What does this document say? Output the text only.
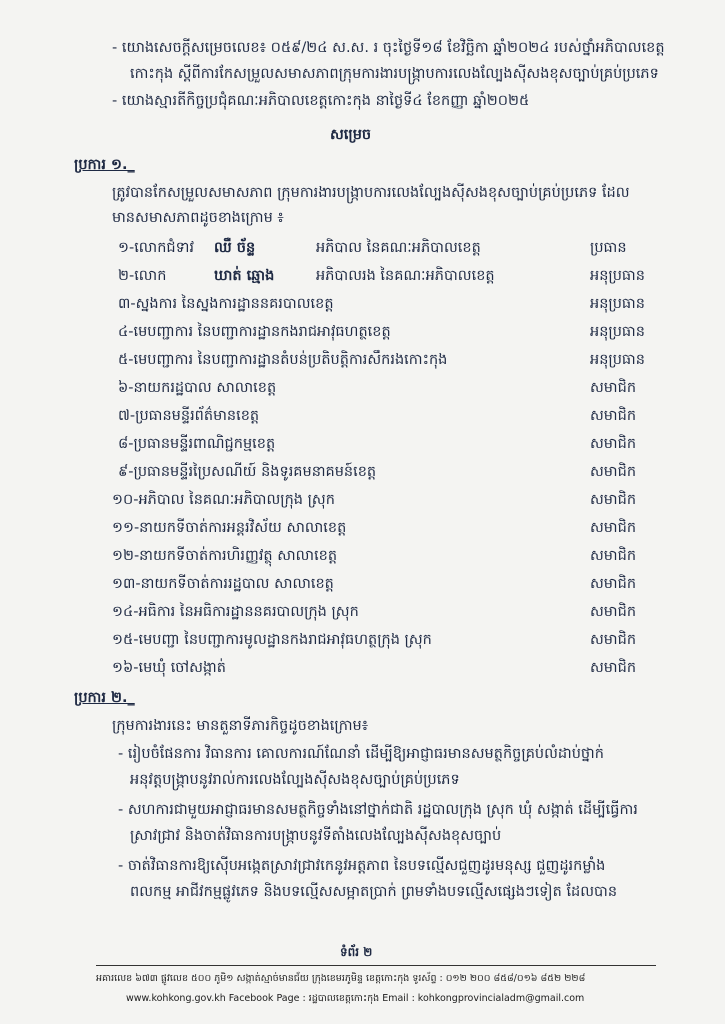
- យោងសេចក្តីសម្រេចលេខ៖ ០៥៩/២៤ ស.ស. រ ចុះថ្ងៃទី១៨ ខែវិច្ឆិកា ឆ្នាំ២០២៤ របស់ថ្នាំអភិបាលខេត្ត
កោះកុង ស្តីពីការកែសម្រួលសមាសភាពក្រុមការងារបង្ក្រាបការលេងល្បែងស៊ីសងខុសច្បាប់គ្រប់ប្រភេទ
- យោងស្មារតីកិច្ចប្រជុំគណៈអភិបាលខេត្តកោះកុង នាថ្ងៃទី៤ ខែកញ្ញា ឆ្នាំ២០២៥
សម្រេច
ប្រការ ១._
ត្រូវបានកែសម្រួលសមាសភាព ក្រុមការងារបង្ក្រាបការលេងល្បែងស៊ីសងខុសច្បាប់គ្រប់ប្រភេទ ដែល
មានសមាសភាពដូចខាងក្រោម ៖
១-លោកជំទាវ ឈឺ ច័ន្ទ	អភិបាល នៃគណៈអភិបាលខេត្ត	ប្រធាន
២-លោក	ឃាត់ ឆ្មោង	អភិបាលរង នៃគណៈអភិបាលខេត្ត	អនុប្រធាន
៣-ស្នងការ នៃស្នងការដ្ឋាននគរបាលខេត្ត	អនុប្រធាន
៤-មេបញ្ជាការ នៃបញ្ជាការដ្ឋានកងរាជអាវុធហត្ថខេត្ត	អនុប្រធាន
៥-មេបញ្ជាការ នៃបញ្ជាការដ្ឋានតំបន់ប្រតិបត្តិការសឹករងកោះកុង	អនុប្រធាន
៦-នាយករដ្ឋបាល សាលាខេត្ត	សមាជិក
៧-ប្រធានមន្ទីរព័ត៌មានខេត្ត	សមាជិក
៨-ប្រធានមន្ទីរពាណិជ្ជកម្មខេត្ត	សមាជិក
៩-ប្រធានមន្ទីរប្រៃសណីយ៍ និងទូរគមនាគមន៍ខេត្ត	សមាជិក
១០-អភិបាល នៃគណៈអភិបាលក្រុង ស្រុក	សមាជិក
១១-នាយកទីចាត់ការអន្តរវិស័យ សាលាខេត្ត	សមាជិក
១២-នាយកទីចាត់ការហិរញ្ញវត្ថុ សាលាខេត្ត	សមាជិក
១៣-នាយកទីចាត់ការរដ្ឋបាល សាលាខេត្ត	សមាជិក
១៤-អធិការ នៃអធិការដ្ឋាននគរបាលក្រុង ស្រុក	សមាជិក
១៥-មេបញ្ជា នៃបញ្ជាការមូលដ្ឋានកងរាជអាវុធហត្ថក្រុង ស្រុក	សមាជិក
១៦-មេឃុំ ចៅសង្កាត់	សមាជិក
ប្រការ ២._
ក្រុមការងារនេះ មានតួនាទីភារកិច្ចដូចខាងក្រោម៖
- រៀបចំផែនការ វិធានការ គោលការណ៍ណែនាំ ដើម្បីឱ្យអាជ្ញាធរមានសមត្ថកិច្ចគ្រប់លំដាប់ថ្នាក់
អនុវត្តបង្ក្រាបនូវរាល់ការលេងល្បែងស៊ីសងខុសច្បាប់គ្រប់ប្រភេទ
- សហការជាមួយអាជ្ញាធរមានសមត្ថកិច្ចទាំងនៅថ្នាក់ជាតិ រដ្ឋបាលក្រុង ស្រុក ឃុំ សង្កាត់ ដើម្បីធ្វើការ
ស្រាវជ្រាវ និងចាត់វិធានការបង្ក្រាបនូវទីតាំងលេងល្បែងស៊ីសងខុសច្បាប់
- ចាត់វិធានការឱ្យស៊ើបអង្កេតស្រាវជ្រាវកេនូវអត្តភាព នៃបទល្មើសជួញដូរមនុស្ស ជួញដូរកម្លាំង
ពលកម្ម អាជីវកម្មផ្លូវភេទ និងបទល្មើសសម្អាតប្រាក់ ព្រមទាំងបទល្មើសផ្សេងៗទៀត ដែលបាន
ទំព័រ ២
អគារលេខ ៦៧៣ ផ្លូវលេខ ៥០០ ភូមិ១ សង្កាត់ស្មាច់មានជ័យ ក្រុងខេមរភូមិន្ទ ខេត្តកោះកុង ទូរស័ព្ទ : ០១២ ២០០ ៨៥៨/០១៦ ៨៥២ ២២៨
www.kohkong.gov.kh Facebook Page : រដ្ឋបាលខេត្តកោះកុង Email : kohkongprovincialadm@gmail.com
